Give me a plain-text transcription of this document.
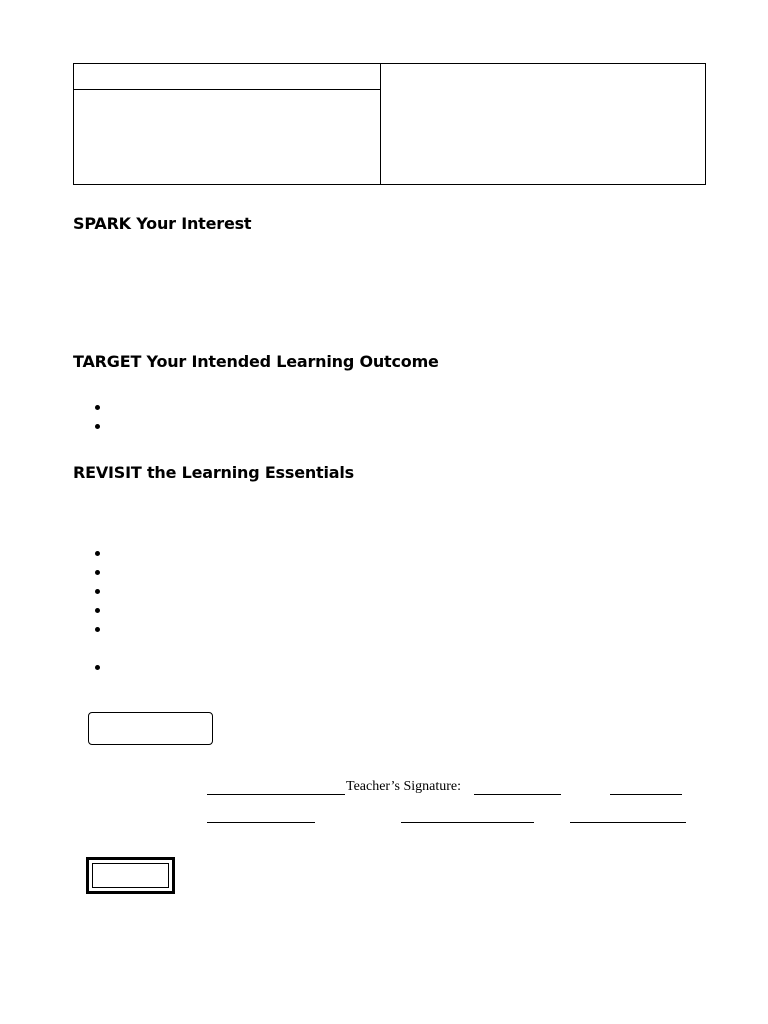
SPARK Your Interest
TARGET Your Intended Learning Outcome
REVISIT the Learning Essentials
Teacher’s Signature:
